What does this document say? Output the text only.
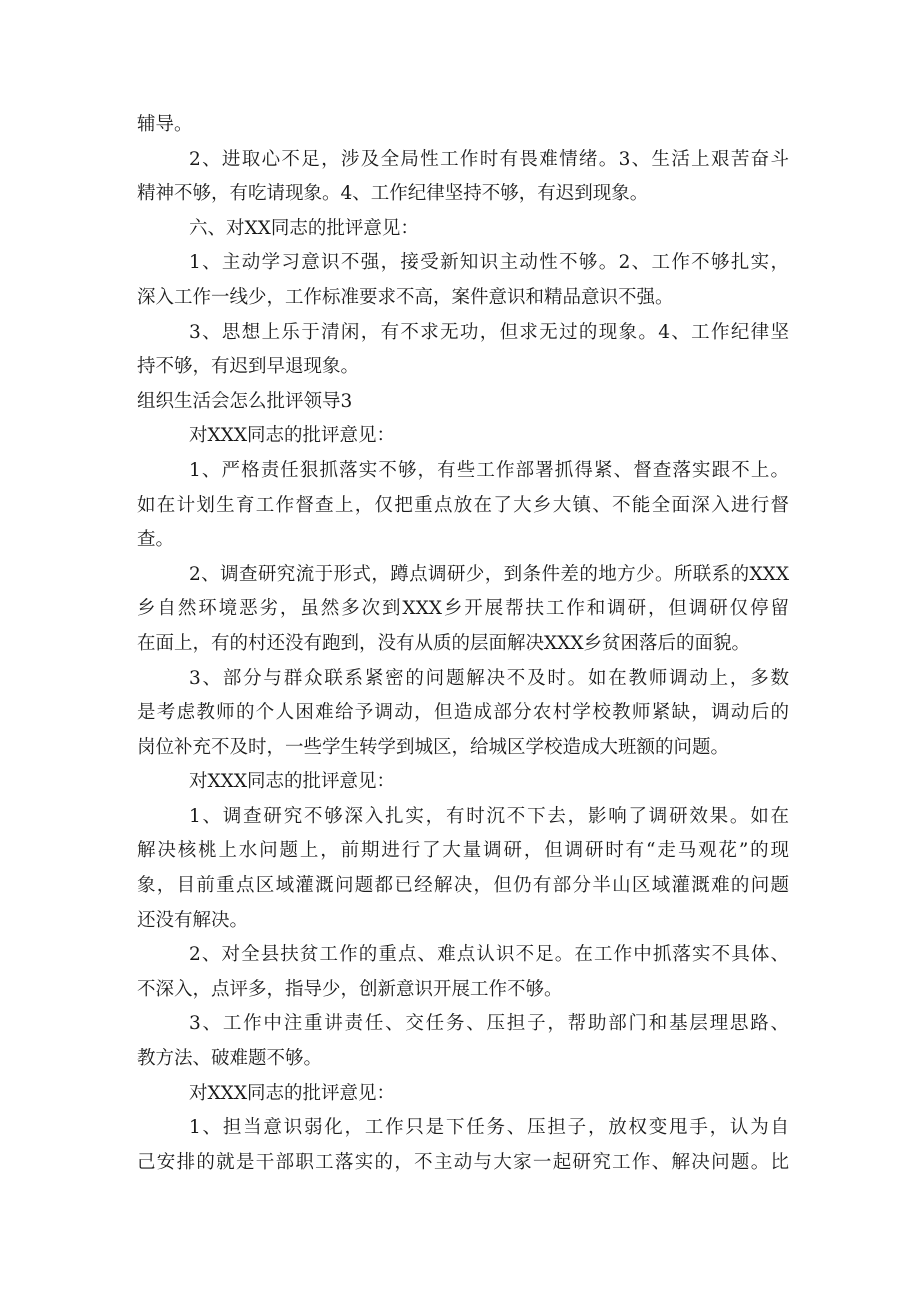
辅导。
2、进取心不足，涉及全局性工作时有畏难情绪。3、生活上艰苦奋斗
精神不够，有吃请现象。4、工作纪律坚持不够，有迟到现象。
六、对XX同志的批评意见：
1、主动学习意识不强，接受新知识主动性不够。2、工作不够扎实，
深入工作一线少，工作标准要求不高，案件意识和精品意识不强。
3、思想上乐于清闲，有不求无功，但求无过的现象。4、工作纪律坚
持不够，有迟到早退现象。
组织生活会怎么批评领导3
对XXX同志的批评意见：
1、严格责任狠抓落实不够，有些工作部署抓得紧、督查落实跟不上。
如在计划生育工作督查上，仅把重点放在了大乡大镇、不能全面深入进行督
查。
2、调查研究流于形式，蹲点调研少，到条件差的地方少。所联系的XXX
乡自然环境恶劣，虽然多次到XXX乡开展帮扶工作和调研，但调研仅停留
在面上，有的村还没有跑到，没有从质的层面解决XXX乡贫困落后的面貌。
3、部分与群众联系紧密的问题解决不及时。如在教师调动上，多数
是考虑教师的个人困难给予调动，但造成部分农村学校教师紧缺，调动后的
岗位补充不及时，一些学生转学到城区，给城区学校造成大班额的问题。
对XXX同志的批评意见：
1、调查研究不够深入扎实，有时沉不下去，影响了调研效果。如在
解决核桃上水问题上，前期进行了大量调研，但调研时有“走马观花”的现
象，目前重点区域灌溉问题都已经解决，但仍有部分半山区域灌溉难的问题
还没有解决。
2、对全县扶贫工作的重点、难点认识不足。在工作中抓落实不具体、
不深入，点评多，指导少，创新意识开展工作不够。
3、工作中注重讲责任、交任务、压担子，帮助部门和基层理思路、
教方法、破难题不够。
对XXX同志的批评意见：
1、担当意识弱化，工作只是下任务、压担子，放权变甩手，认为自
己安排的就是干部职工落实的，不主动与大家一起研究工作、解决问题。比
